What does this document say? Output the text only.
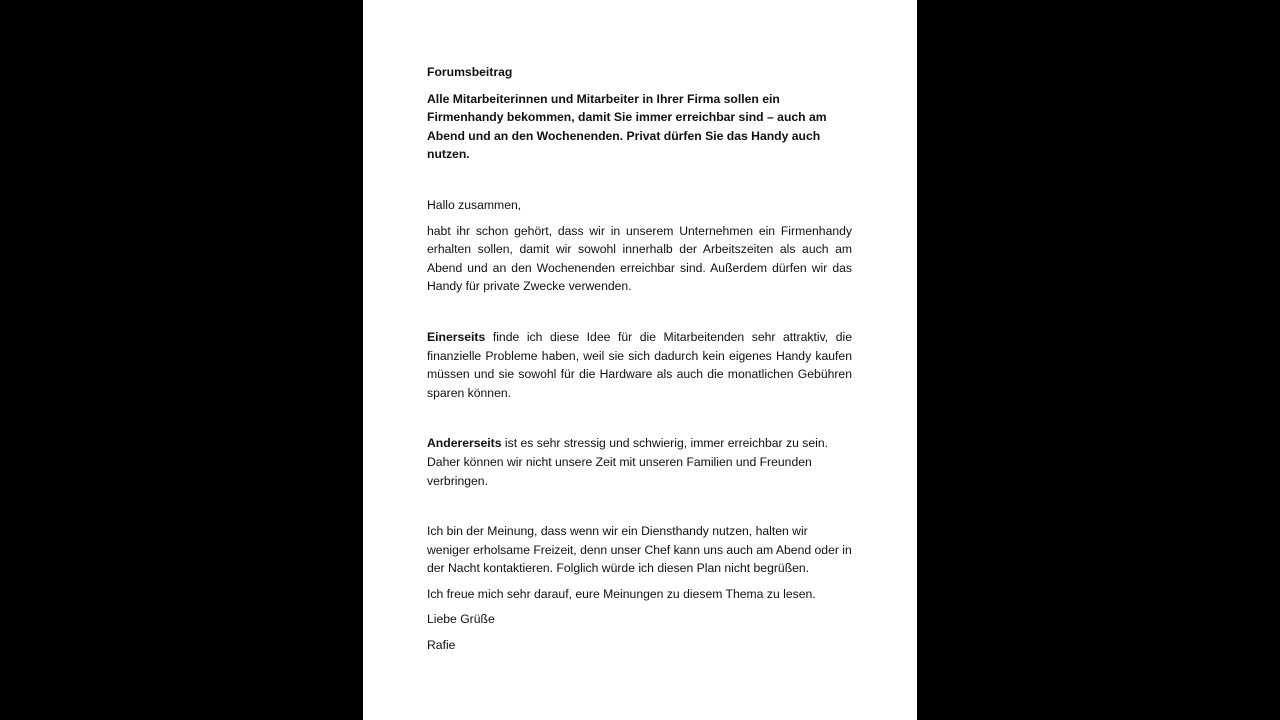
Forumsbeitrag

Alle Mitarbeiterinnen und Mitarbeiter in Ihrer Firma sollen ein Firmenhandy bekommen, damit Sie immer erreichbar sind – auch am Abend und an den Wochenenden. Privat dürfen Sie das Handy auch nutzen.

Hallo zusammen,

habt ihr schon gehört, dass wir in unserem Unternehmen ein Firmenhandy erhalten sollen, damit wir sowohl innerhalb der Arbeitszeiten als auch am Abend und an den Wochenenden erreichbar sind. Außerdem dürfen wir das Handy für private Zwecke verwenden.

Einerseits finde ich diese Idee für die Mitarbeitenden sehr attraktiv, die finanzielle Probleme haben, weil sie sich dadurch kein eigenes Handy kaufen müssen und sie sowohl für die Hardware als auch die monatlichen Gebühren sparen können.

Andererseits ist es sehr stressig und schwierig, immer erreichbar zu sein. Daher können wir nicht unsere Zeit mit unseren Familien und Freunden verbringen.

Ich bin der Meinung, dass wenn wir ein Diensthandy nutzen, halten wir weniger erholsame Freizeit, denn unser Chef kann uns auch am Abend oder in der Nacht kontaktieren. Folglich würde ich diesen Plan nicht begrüßen.

Ich freue mich sehr darauf, eure Meinungen zu diesem Thema zu lesen.

Liebe Grüße

Rafie
